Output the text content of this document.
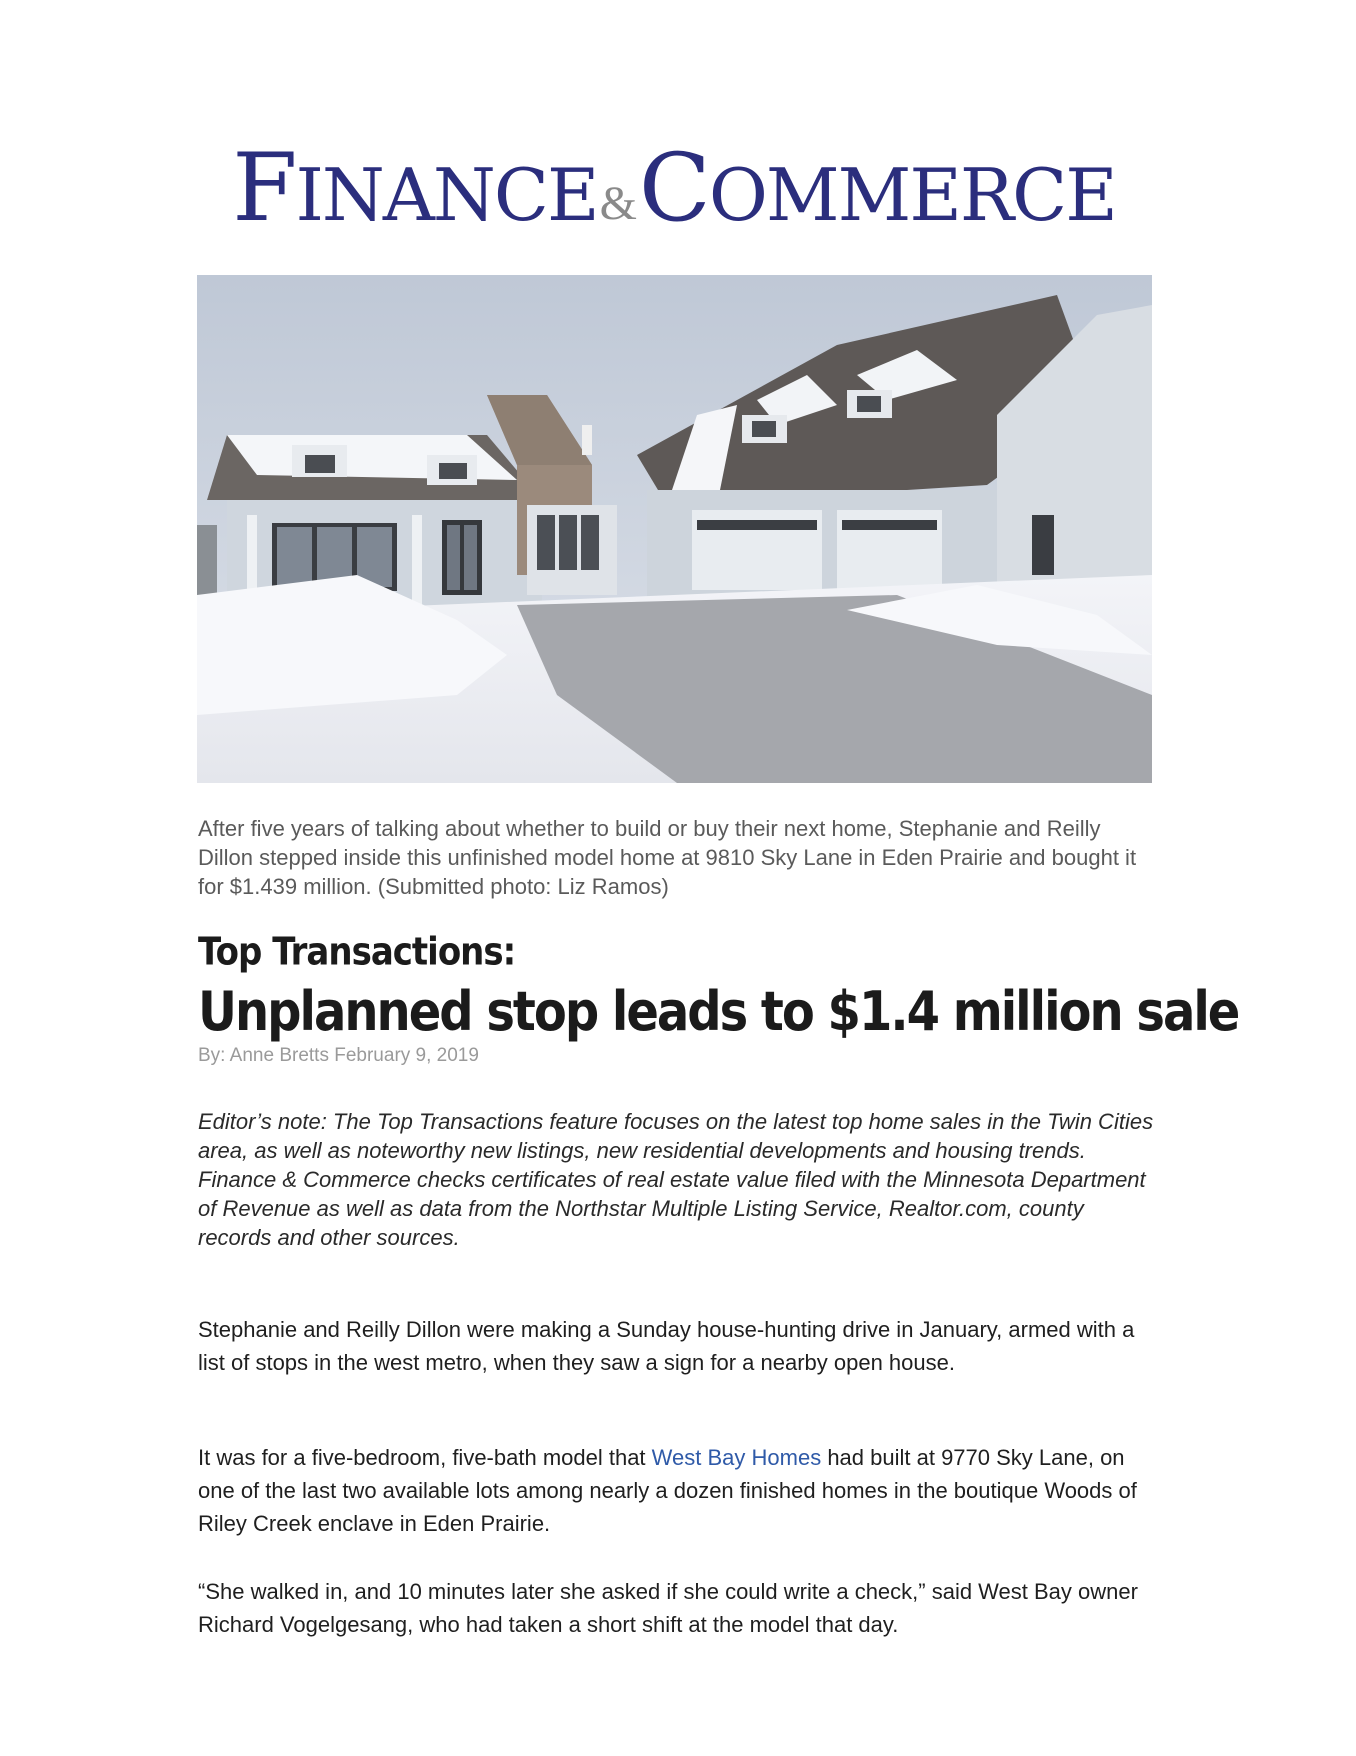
FINANCE & COMMERCE
After five years of talking about whether to build or buy their next home, Stephanie and Reilly Dillon stepped inside this unfinished model home at 9810 Sky Lane in Eden Prairie and bought it for $1.439 million. (Submitted photo: Liz Ramos)
Top Transactions:
Unplanned stop leads to $1.4 million sale
By: Anne Bretts February 9, 2019
Editor’s note: The Top Transactions feature focuses on the latest top home sales in the Twin Cities area, as well as noteworthy new listings, new residential developments and housing trends. Finance & Commerce checks certificates of real estate value filed with the Minnesota Department of Revenue as well as data from the Northstar Multiple Listing Service, Realtor.com, county records and other sources.
Stephanie and Reilly Dillon were making a Sunday house-hunting drive in January, armed with a list of stops in the west metro, when they saw a sign for a nearby open house.
It was for a five-bedroom, five-bath model that West Bay Homes had built at 9770 Sky Lane, on one of the last two available lots among nearly a dozen finished homes in the boutique Woods of Riley Creek enclave in Eden Prairie.
“She walked in, and 10 minutes later she asked if she could write a check,” said West Bay owner Richard Vogelgesang, who had taken a short shift at the model that day.
